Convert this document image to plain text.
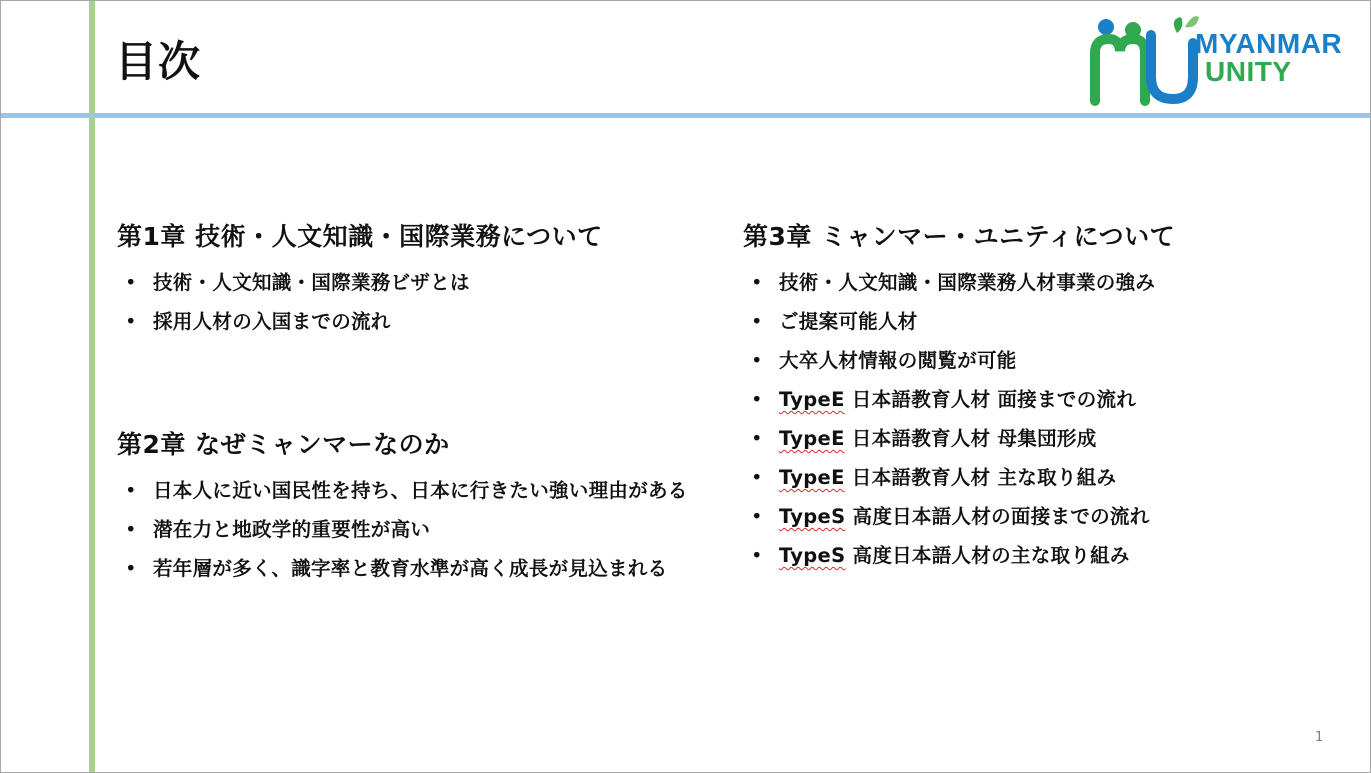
目次	MYANMAR
UNITY
第1章 技術・人文知識・国際業務について
• 技術・人文知識・国際業務ビザとは
• 採用人材の入国までの流れ
第2章 なぜミャンマーなのか
• 日本人に近い国民性を持ち、日本に行きたい強い理由がある
• 潜在力と地政学的重要性が高い
• 若年層が多く、識字率と教育水準が高く成長が見込まれる
第3章 ミャンマー・ユニティについて
• 技術・人文知識・国際業務人材事業の強み
• ご提案可能人材
• 大卒人材情報の閲覧が可能
• TypeE 日本語教育人材 面接までの流れ
• TypeE 日本語教育人材 母集団形成
• TypeE 日本語教育人材 主な取り組み
• TypeS 高度日本語人材の面接までの流れ
• TypeS 高度日本語人材の主な取り組み
1
